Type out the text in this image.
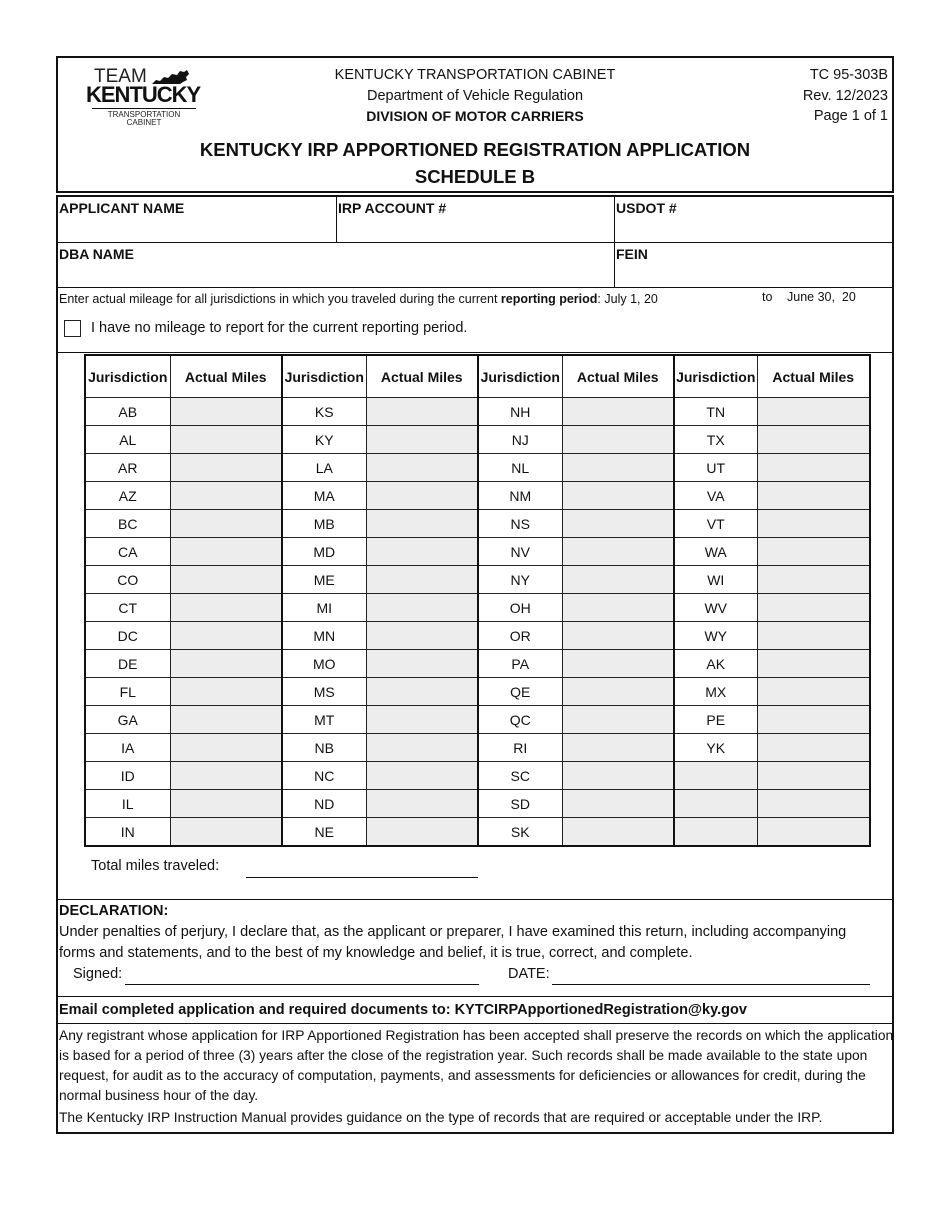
TEAM
KENTUCKY
TRANSPORTATION
CABINET
KENTUCKY TRANSPORTATION CABINET
Department of Vehicle Regulation
DIVISION OF MOTOR CARRIERS
TC 95-303B
Rev. 12/2023
Page 1 of 1
KENTUCKY IRP APPORTIONED REGISTRATION APPLICATION
SCHEDULE B
APPLICANT NAME	IRP ACCOUNT #	USDOT #
DBA NAME	FEIN
Enter actual mileage for all jurisdictions in which you traveled during the current reporting period: July 1, 20	to June 30,  20
I have no mileage to report for the current reporting period.
Jurisdiction	Actual Miles	Jurisdiction	Actual Miles	Jurisdiction	Actual Miles	Jurisdiction	Actual Miles
AB		KS		NH		TN	
AL		KY		NJ		TX	
AR		LA		NL		UT	
AZ		MA		NM		VA	
BC		MB		NS		VT	
CA		MD		NV		WA	
CO		ME		NY		WI	
CT		MI		OH		WV	
DC		MN		OR		WY	
DE		MO		PA		AK	
FL		MS		QE		MX	
GA		MT		QC		PE	
IA		NB		RI		YK	
ID		NC		SC			
IL		ND		SD			
IN		NE		SK			
Total miles traveled:
DECLARATION:
Under penalties of perjury, I declare that, as the applicant or preparer, I have examined this return, including accompanying forms and statements, and to the best of my knowledge and belief, it is true, correct, and complete.
Signed:	DATE:
Email completed application and required documents to: KYTCIRPApportionedRegistration@ky.gov
Any registrant whose application for IRP Apportioned Registration has been accepted shall preserve the records on which the application is based for a period of three (3) years after the close of the registration year. Such records shall be made available to the state upon request, for audit as to the accuracy of computation, payments, and assessments for deficiencies or allowances for credit, during the normal business hour of the day.
The Kentucky IRP Instruction Manual provides guidance on the type of records that are required or acceptable under the IRP.
